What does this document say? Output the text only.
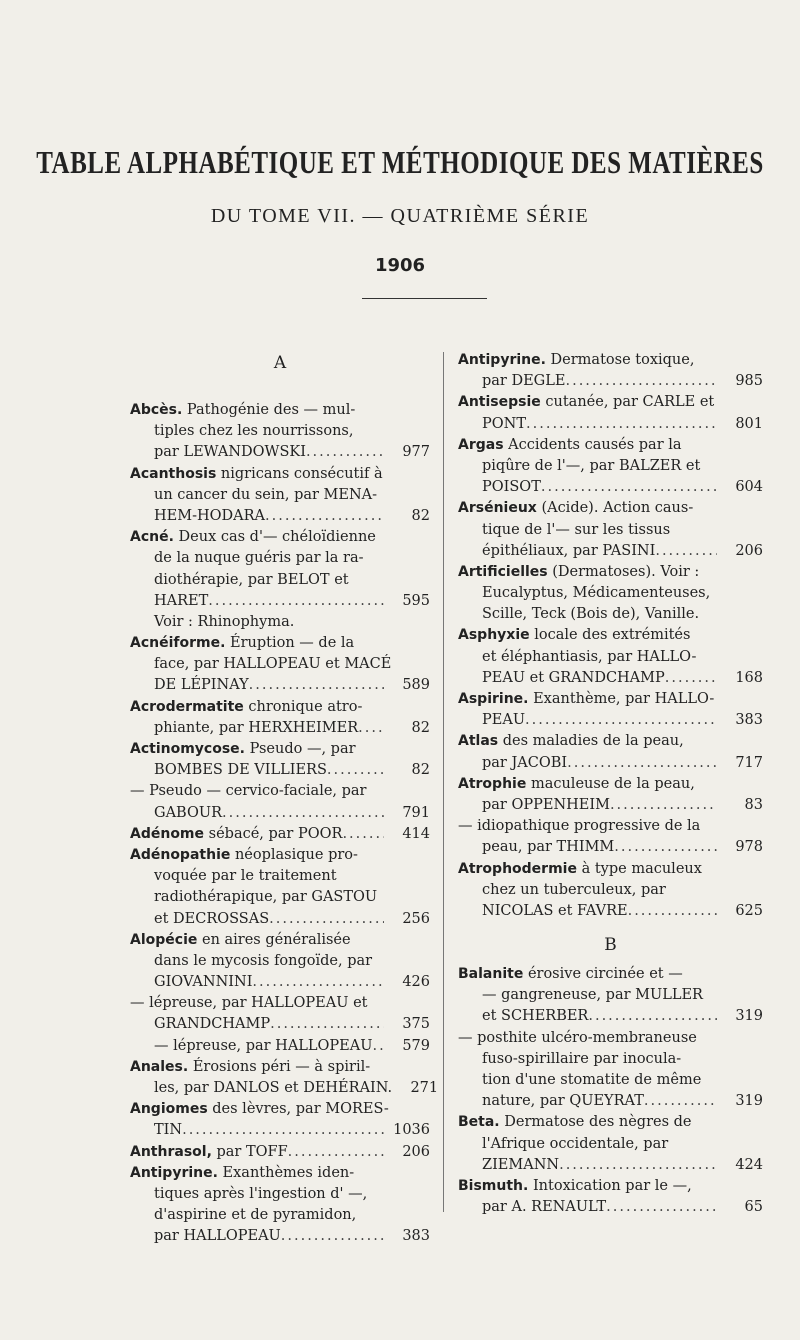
TABLE ALPHABÉTIQUE ET MÉTHODIQUE DES MATIÈRES
DU TOME VII. — QUATRIÈME SÉRIE
1906
A
Abcès. Pathogénie des — mul-
tiples chez les nourrissons,
par LEWANDOWSKI .....	977
Acanthosis nigricans consécutif à
un cancer du sein, par MENA-
HEM-HODARA .....	82
Acné. Deux cas d'— chéloïdienne
de la nuque guéris par la ra-
diothérapie, par BELOT et
HARET .....	595
Voir : Rhinophyma.
Acnéiforme. Éruption — de la
face, par HALLOPEAU et MACÉ
DE LÉPINAY .....	589
Acrodermatite chronique atro-
phiante, par HERXHEIMER .....	82
Actinomycose. Pseudo —, par
BOMBES DE VILLIERS .....	82
— Pseudo — cervico-faciale, par
GABOUR .....	791
Adénome sébacé, par POOR .....	414
Adénopathie néoplasique pro-
voquée par le traitement
radiothérapique, par GASTOU
et DECROSSAS .....	256
Alopécie en aires généralisée
dans le mycosis fongoïde, par
GIOVANNINI .....	426
— lépreuse, par HALLOPEAU et
GRANDCHAMP .....	375
— lépreuse, par HALLOPEAU .....	579
Anales. Érosions péri — à spiril-
les, par DANLOS et DEHÉRAIN.	271
Angiomes des lèvres, par MORES-
TIN .....	1036
Anthrasol, par TOFF .....	206
Antipyrine. Exanthèmes iden-
tiques après l'ingestion d' —,
d'aspirine et de pyramidon,
par HALLOPEAU .....	383
Antipyrine. Dermatose toxique,
par DEGLE .....	985
Antisepsie cutanée, par CARLE et
PONT .....	801
Argas Accidents causés par la
piqûre de l'—, par BALZER et
POISOT .....	604
Arsénieux (Acide). Action caus-
tique de l'— sur les tissus
épithéliaux, par PASINI .....	206
Artificielles (Dermatoses). Voir :
Eucalyptus, Médicamenteuses,
Scille, Teck (Bois de), Vanille.
Asphyxie locale des extrémités
et éléphantiasis, par HALLO-
PEAU et GRANDCHAMP .....	168
Aspirine. Exanthème, par HALLO-
PEAU .....	383
Atlas des maladies de la peau,
par JACOBI .....	717
Atrophie maculeuse de la peau,
par OPPENHEIM .....	83
— idiopathique progressive de la
peau, par THIMM .....	978
Atrophodermie à type maculeux
chez un tuberculeux, par
NICOLAS et FAVRE .....	625
B
Balanite érosive circinée et —
— gangreneuse, par MULLER
et SCHERBER .....	319
— posthite ulcéro-membraneuse
fuso-spirillaire par inocula-
tion d'une stomatite de même
nature, par QUEYRAT .....	319
Beta. Dermatose des nègres de
l'Afrique occidentale, par
ZIEMANN .....	424
Bismuth. Intoxication par le —,
par A. RENAULT .....	65
